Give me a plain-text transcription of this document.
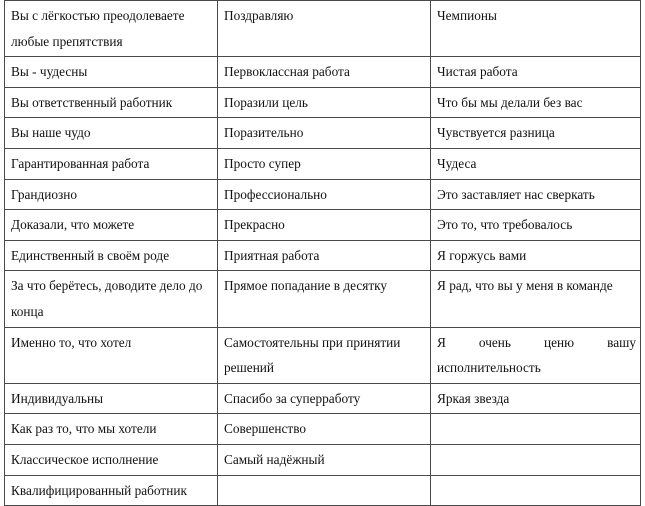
Вы с лёгкостью преодолеваете любые препятствия	Поздравляю	Чемпионы
Вы - чудесны	Первоклассная работа	Чистая работа
Вы ответственный работник	Поразили цель	Что бы мы делали без вас
Вы наше чудо	Поразительно	Чувствуется разница
Гарантированная работа	Просто супер	Чудеса
Грандиозно	Профессионально	Это заставляет нас сверкать
Доказали, что можете	Прекрасно	Это то, что требовалось
Единственный в своём роде	Приятная работа	Я горжусь вами
За что берётесь, доводите дело до конца	Прямое попадание в десятку	Я рад, что вы у меня в команде
Именно то, что хотел	Самостоятельны при принятии решений	Я очень ценю вашу исполнительность
Индивидуальны	Спасибо за суперработу	Яркая звезда
Как раз то, что мы хотели	Совершенство	
Классическое исполнение	Самый надёжный	
Квалифицированный работник		
